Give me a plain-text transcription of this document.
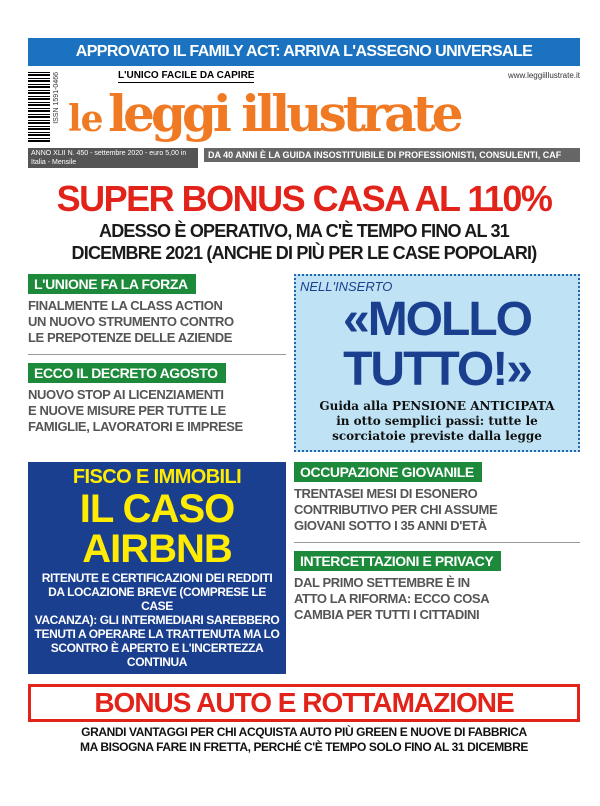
APPROVATO IL FAMILY ACT: ARRIVA L'ASSEGNO UNIVERSALE
ISSN 1591-0466	L'UNICO FACILE DA CAPIRE	www.leggiillustrate.it
le leggi illustrate
ANNO XLII N. 450 - settembre 2020 - euro 5,00 in Italia - Mensile
DA 40 ANNI È LA GUIDA INSOSTITUIBILE DI PROFESSIONISTI, CONSULENTI, CAF
SUPER BONUS CASA AL 110%
ADESSO È OPERATIVO, MA C'È TEMPO FINO AL 31
DICEMBRE 2021 (ANCHE DI PIÙ PER LE CASE POPOLARI)
L'UNIONE FA LA FORZA
FINALMENTE LA CLASS ACTION
UN NUOVO STRUMENTO CONTRO
LE PREPOTENZE DELLE AZIENDE
ECCO IL DECRETO AGOSTO
NUOVO STOP AI LICENZIAMENTI
E NUOVE MISURE PER TUTTE LE
FAMIGLIE, LAVORATORI E IMPRESE
NELL'INSERTO
«MOLLO
TUTTO!»
Guida alla PENSIONE ANTICIPATA
in otto semplici passi: tutte le
scorciatoie previste dalla legge
FISCO E IMMOBILI
IL CASO
AIRBNB
RITENUTE E CERTIFICAZIONI DEI REDDITI
DA LOCAZIONE BREVE (COMPRESE LE CASE
VACANZA): GLI INTERMEDIARI SAREBBERO
TENUTI A OPERARE LA TRATTENUTA MA LO
SCONTRO È APERTO E L'INCERTEZZA CONTINUA
OCCUPAZIONE GIOVANILE
TRENTASEI MESI DI ESONERO
CONTRIBUTIVO PER CHI ASSUME
GIOVANI SOTTO I 35 ANNI D'ETÀ
INTERCETTAZIONI E PRIVACY
DAL PRIMO SETTEMBRE È IN
ATTO LA RIFORMA: ECCO COSA
CAMBIA PER TUTTI I CITTADINI
BONUS AUTO E ROTTAMAZIONE
GRANDI VANTAGGI PER CHI ACQUISTA AUTO PIÙ GREEN E NUOVE DI FABBRICA
MA BISOGNA FARE IN FRETTA, PERCHÉ C'È TEMPO SOLO FINO AL 31 DICEMBRE
